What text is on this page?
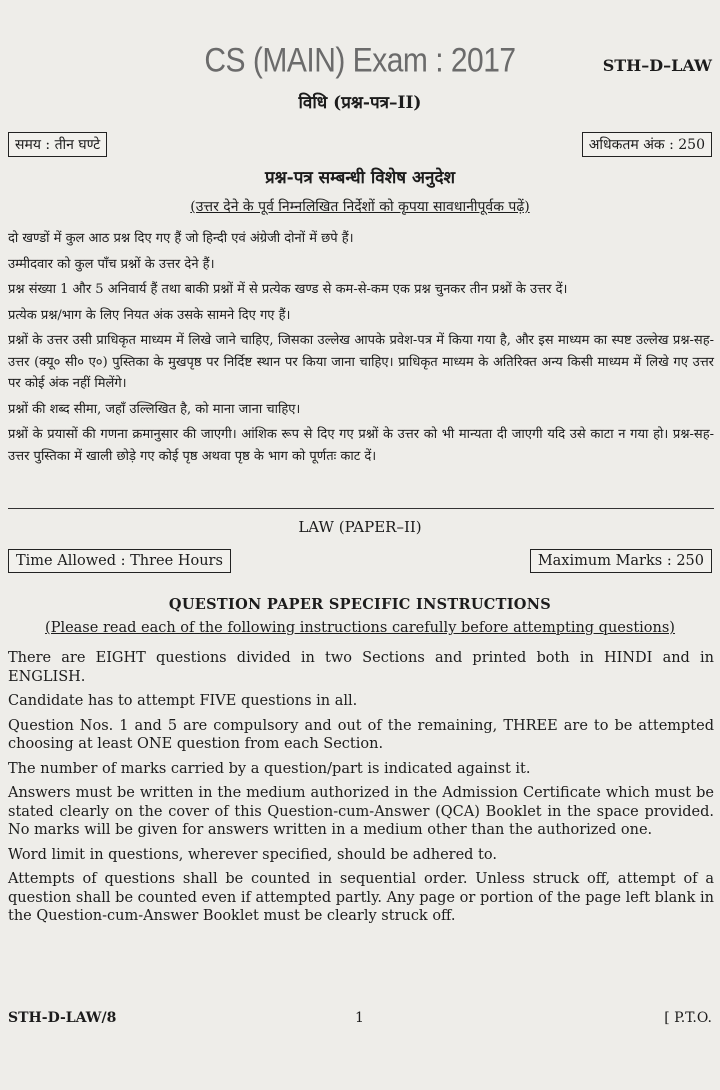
CS (MAIN) Exam : 2017	STH–D–LAW
विधि (प्रश्न-पत्र–II)
समय : तीन घण्टे	अधिकतम अंक : 250
प्रश्न-पत्र सम्बन्धी विशेष अनुदेश
(उत्तर देने के पूर्व निम्नलिखित निर्देशों को कृपया सावधानीपूर्वक पढ़ें)

दो खण्डों में कुल आठ प्रश्न दिए गए हैं जो हिन्दी एवं अंग्रेजी दोनों में छपे हैं।

उम्मीदवार को कुल पाँच प्रश्नों के उत्तर देने हैं।

प्रश्न संख्या 1 और 5 अनिवार्य हैं तथा बाकी प्रश्नों में से प्रत्येक खण्ड से कम-से-कम एक प्रश्न चुनकर तीन प्रश्नों के उत्तर दें।

प्रत्येक प्रश्न/भाग के लिए नियत अंक उसके सामने दिए गए हैं।

प्रश्नों के उत्तर उसी प्राधिकृत माध्यम में लिखे जाने चाहिए, जिसका उल्लेख आपके प्रवेश-पत्र में किया गया है, और इस माध्यम का स्पष्ट उल्लेख प्रश्न-सह-उत्तर (क्यू० सी० ए०) पुस्तिका के मुखपृष्ठ पर निर्दिष्ट स्थान पर किया जाना चाहिए। प्राधिकृत माध्यम के अतिरिक्त अन्य किसी माध्यम में लिखे गए उत्तर पर कोई अंक नहीं मिलेंगे।

प्रश्नों की शब्द सीमा, जहाँ उल्लिखित है, को माना जाना चाहिए।

प्रश्नों के प्रयासों की गणना क्रमानुसार की जाएगी। आंशिक रूप से दिए गए प्रश्नों के उत्तर को भी मान्यता दी जाएगी यदि उसे काटा न गया हो। प्रश्न-सह-उत्तर पुस्तिका में खाली छोड़े गए कोई पृष्ठ अथवा पृष्ठ के भाग को पूर्णतः काट दें।

LAW (PAPER–II)
Time Allowed : Three Hours	Maximum Marks : 250
QUESTION PAPER SPECIFIC INSTRUCTIONS
(Please read each of the following instructions carefully before attempting questions)

There are EIGHT questions divided in two Sections and printed both in HINDI and in ENGLISH.

Candidate has to attempt FIVE questions in all.

Question Nos. 1 and 5 are compulsory and out of the remaining, THREE are to be attempted choosing at least ONE question from each Section.

The number of marks carried by a question/part is indicated against it.

Answers must be written in the medium authorized in the Admission Certificate which must be stated clearly on the cover of this Question-cum-Answer (QCA) Booklet in the space provided. No marks will be given for answers written in a medium other than the authorized one.

Word limit in questions, wherever specified, should be adhered to.

Attempts of questions shall be counted in sequential order. Unless struck off, attempt of a question shall be counted even if attempted partly. Any page or portion of the page left blank in the Question-cum-Answer Booklet must be clearly struck off.

STH-D-LAW/8	1	[ P.T.O.
